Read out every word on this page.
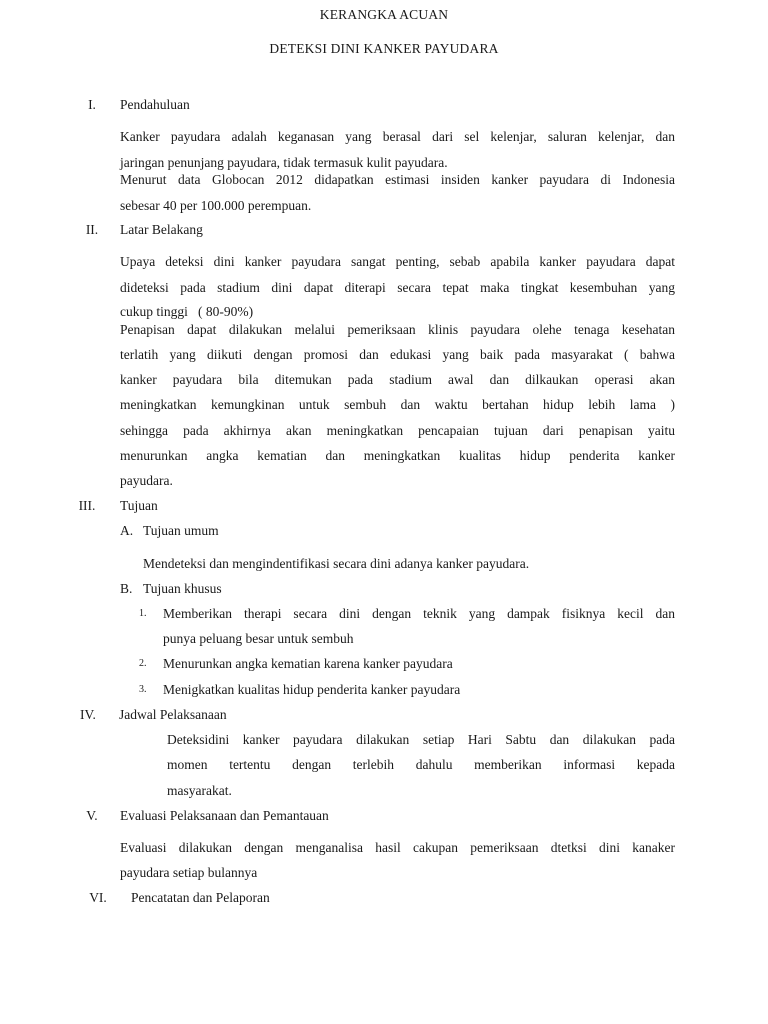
KERANGKA ACUAN
DETEKSI DINI KANKER PAYUDARA
I.	Pendahuluan
Kanker payudara adalah keganasan yang berasal dari sel kelenjar, saluran kelenjar, dan
jaringan penunjang payudara, tidak termasuk kulit payudara.
Menurut data Globocan 2012 didapatkan estimasi insiden kanker payudara di Indonesia
sebesar 40 per 100.000 perempuan.
II.	Latar Belakang
Upaya deteksi dini kanker payudara sangat penting, sebab apabila kanker payudara dapat
dideteksi pada stadium dini dapat diterapi secara tepat maka tingkat kesembuhan yang
cukup tinggi   ( 80-90%)
Penapisan dapat dilakukan melalui pemeriksaan klinis payudara olehe tenaga kesehatan
terlatih yang diikuti dengan promosi dan edukasi yang baik pada masyarakat ( bahwa
kanker payudara bila ditemukan pada stadium awal dan dilkaukan operasi akan
meningkatkan kemungkinan untuk sembuh dan waktu bertahan hidup lebih lama )
sehingga pada akhirnya akan meningkatkan pencapaian tujuan dari penapisan yaitu
menurunkan angka kematian dan meningkatkan kualitas hidup penderita kanker
payudara.
III.	Tujuan
A. Tujuan umum
Mendeteksi dan mengindentifikasi secara dini adanya kanker payudara.
B. Tujuan khusus
1. Memberikan therapi secara dini dengan teknik yang dampak fisiknya kecil dan
punya peluang besar untuk sembuh
2. Menurunkan angka kematian karena kanker payudara
3. Menigkatkan kualitas hidup penderita kanker payudara
IV.	Jadwal Pelaksanaan
Deteksidini kanker payudara dilakukan setiap Hari Sabtu dan dilakukan pada
momen tertentu dengan terlebih dahulu memberikan informasi kepada
masyarakat.
V.	Evaluasi Pelaksanaan dan Pemantauan
Evaluasi dilakukan dengan menganalisa hasil cakupan pemeriksaan dtetksi dini kanaker
payudara setiap bulannya
VI.	Pencatatan dan Pelaporan
